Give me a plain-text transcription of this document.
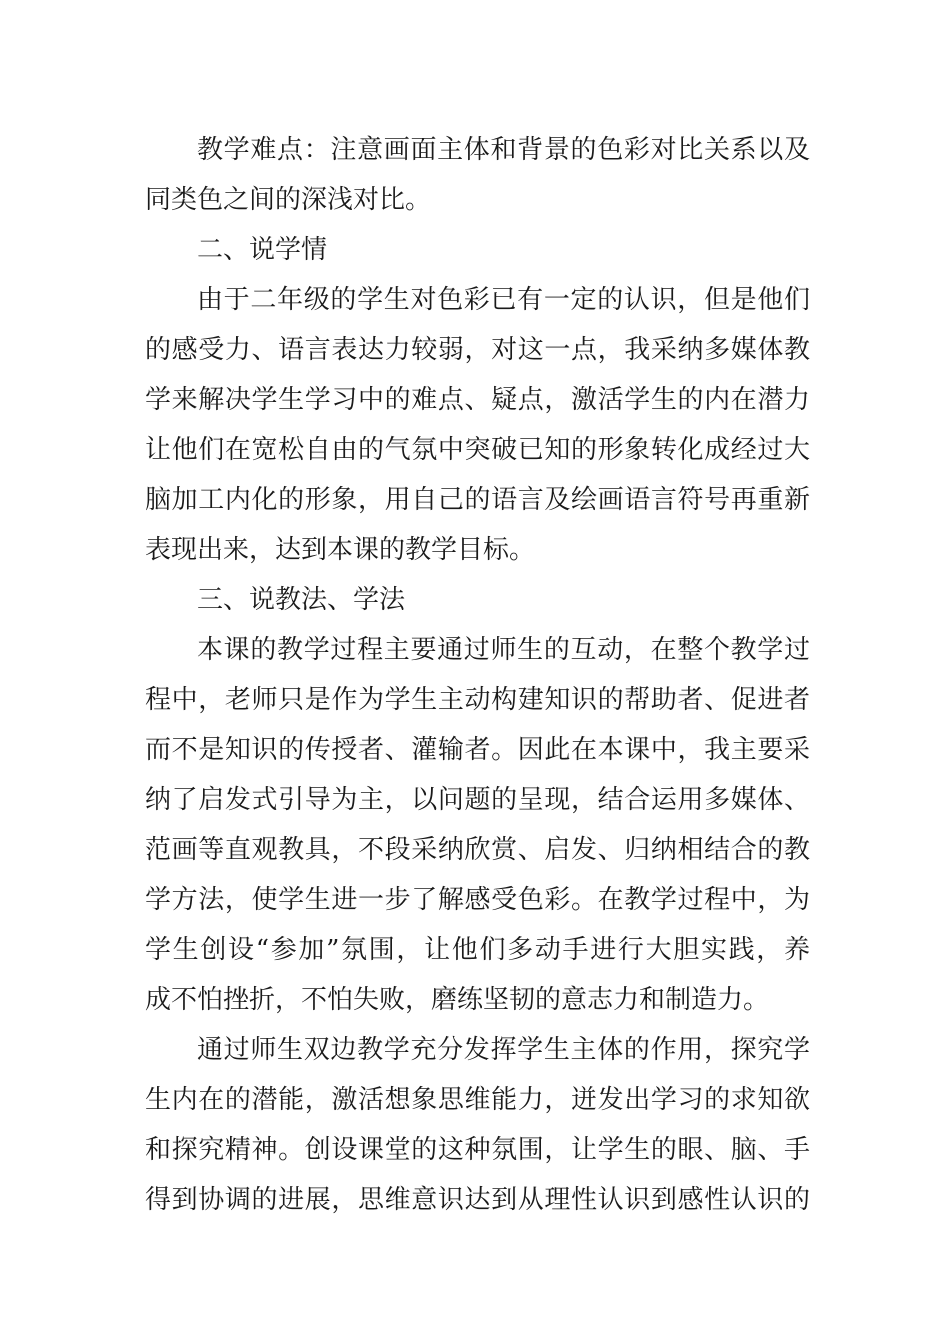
教学难点：注意画面主体和背景的色彩对比关系以及
同类色之间的深浅对比。
二、说学情
由于二年级的学生对色彩已有一定的认识，但是他们
的感受力、语言表达力较弱，对这一点，我采纳多媒体教
学来解决学生学习中的难点、疑点，激活学生的内在潜力
让他们在宽松自由的气氛中突破已知的形象转化成经过大
脑加工内化的形象，用自己的语言及绘画语言符号再重新
表现出来，达到本课的教学目标。
三、说教法、学法
本课的教学过程主要通过师生的互动，在整个教学过
程中，老师只是作为学生主动构建知识的帮助者、促进者
而不是知识的传授者、灌输者。因此在本课中，我主要采
纳了启发式引导为主，以问题的呈现，结合运用多媒体、
范画等直观教具，不段采纳欣赏、启发、归纳相结合的教
学方法，使学生进一步了解感受色彩。在教学过程中，为
学生创设“参加”氛围，让他们多动手进行大胆实践，养
成不怕挫折，不怕失败，磨练坚韧的意志力和制造力。
通过师生双边教学充分发挥学生主体的作用，探究学
生内在的潜能，激活想象思维能力，迸发出学习的求知欲
和探究精神。创设课堂的这种氛围，让学生的眼、脑、手
得到协调的进展，思维意识达到从理性认识到感性认识的
